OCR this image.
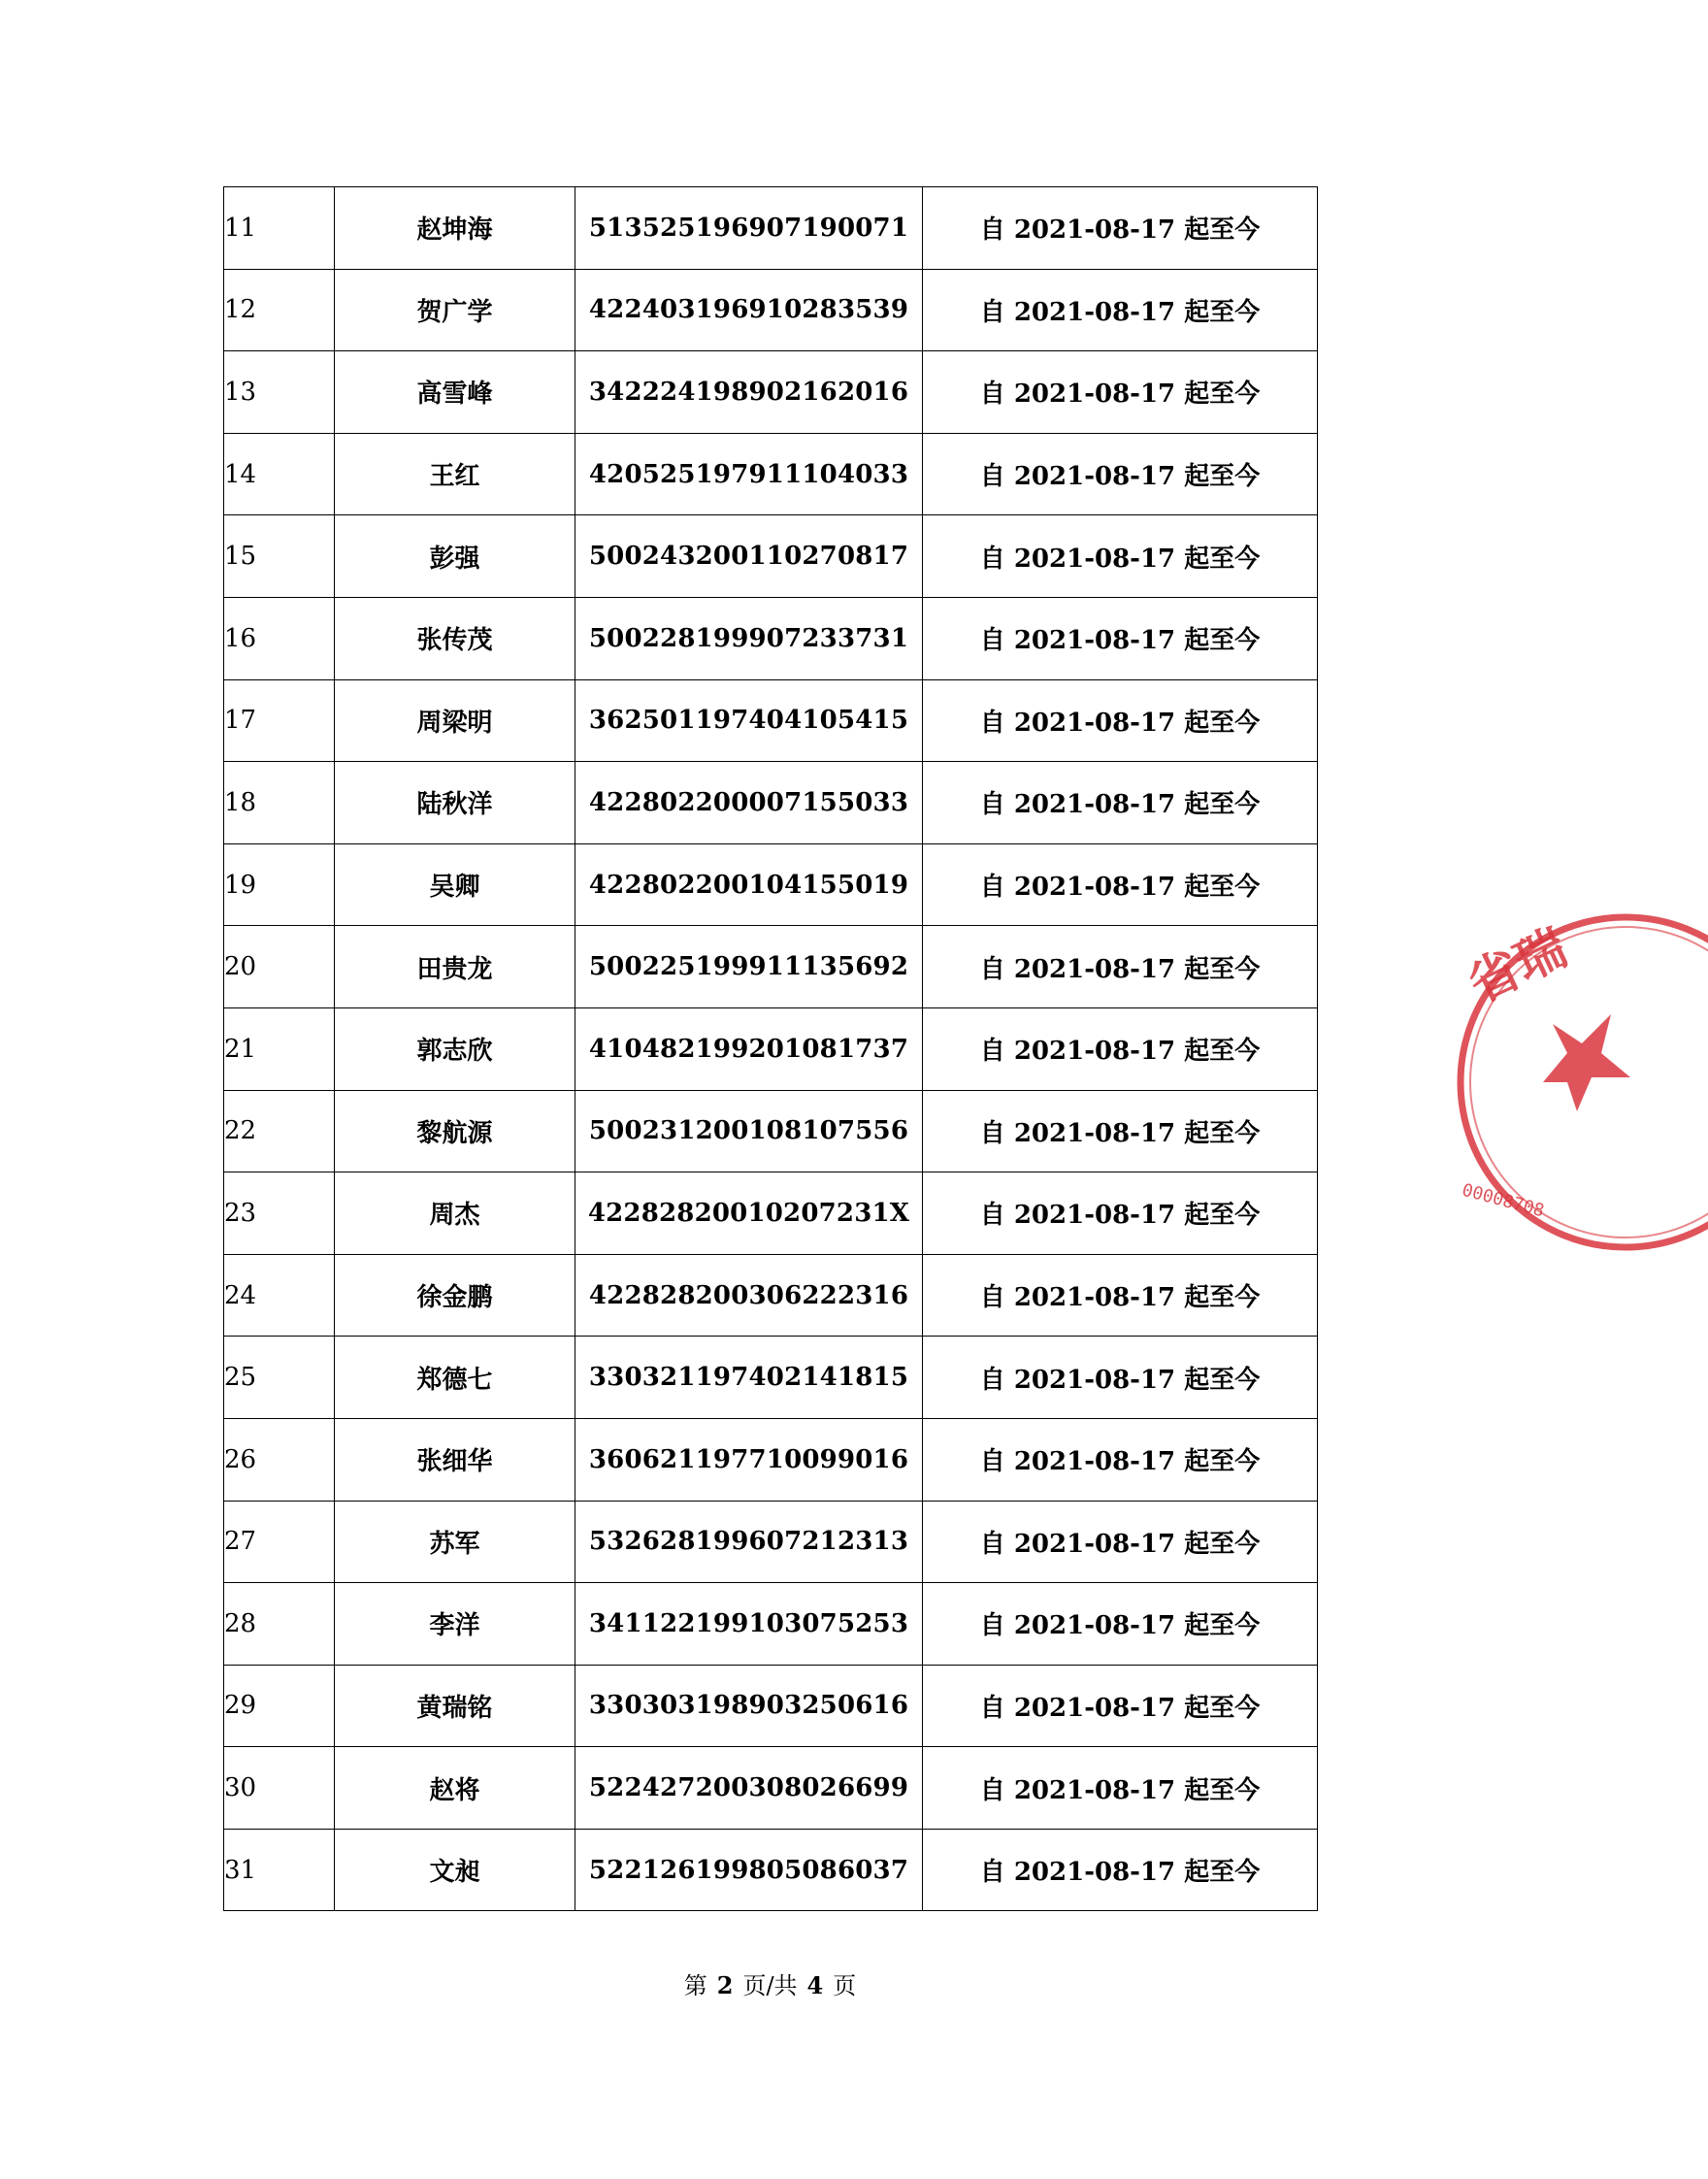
11	赵坤海	513525196907190071	自 2021-08-17 起至今
12	贺广学	422403196910283539	自 2021-08-17 起至今
13	高雪峰	342224198902162016	自 2021-08-17 起至今
14	王红	420525197911104033	自 2021-08-17 起至今
15	彭强	500243200110270817	自 2021-08-17 起至今
16	张传茂	500228199907233731	自 2021-08-17 起至今
17	周梁明	362501197404105415	自 2021-08-17 起至今
18	陆秋洋	422802200007155033	自 2021-08-17 起至今
19	吴卿	422802200104155019	自 2021-08-17 起至今
20	田贵龙	500225199911135692	自 2021-08-17 起至今
21	郭志欣	410482199201081737	自 2021-08-17 起至今
22	黎航源	500231200108107556	自 2021-08-17 起至今
23	周杰	42282820010207231X	自 2021-08-17 起至今
24	徐金鹏	422828200306222316	自 2021-08-17 起至今
25	郑德七	330321197402141815	自 2021-08-17 起至今
26	张细华	360621197710099016	自 2021-08-17 起至今
27	苏军	532628199607212313	自 2021-08-17 起至今
28	李洋	341122199103075253	自 2021-08-17 起至今
29	黄瑞铭	330303198903250616	自 2021-08-17 起至今
30	赵将	522427200308026699	自 2021-08-17 起至今
31	文昶	522126199805086037	自 2021-08-17 起至今
第 2 页/共 4 页
省瑞
00008708
